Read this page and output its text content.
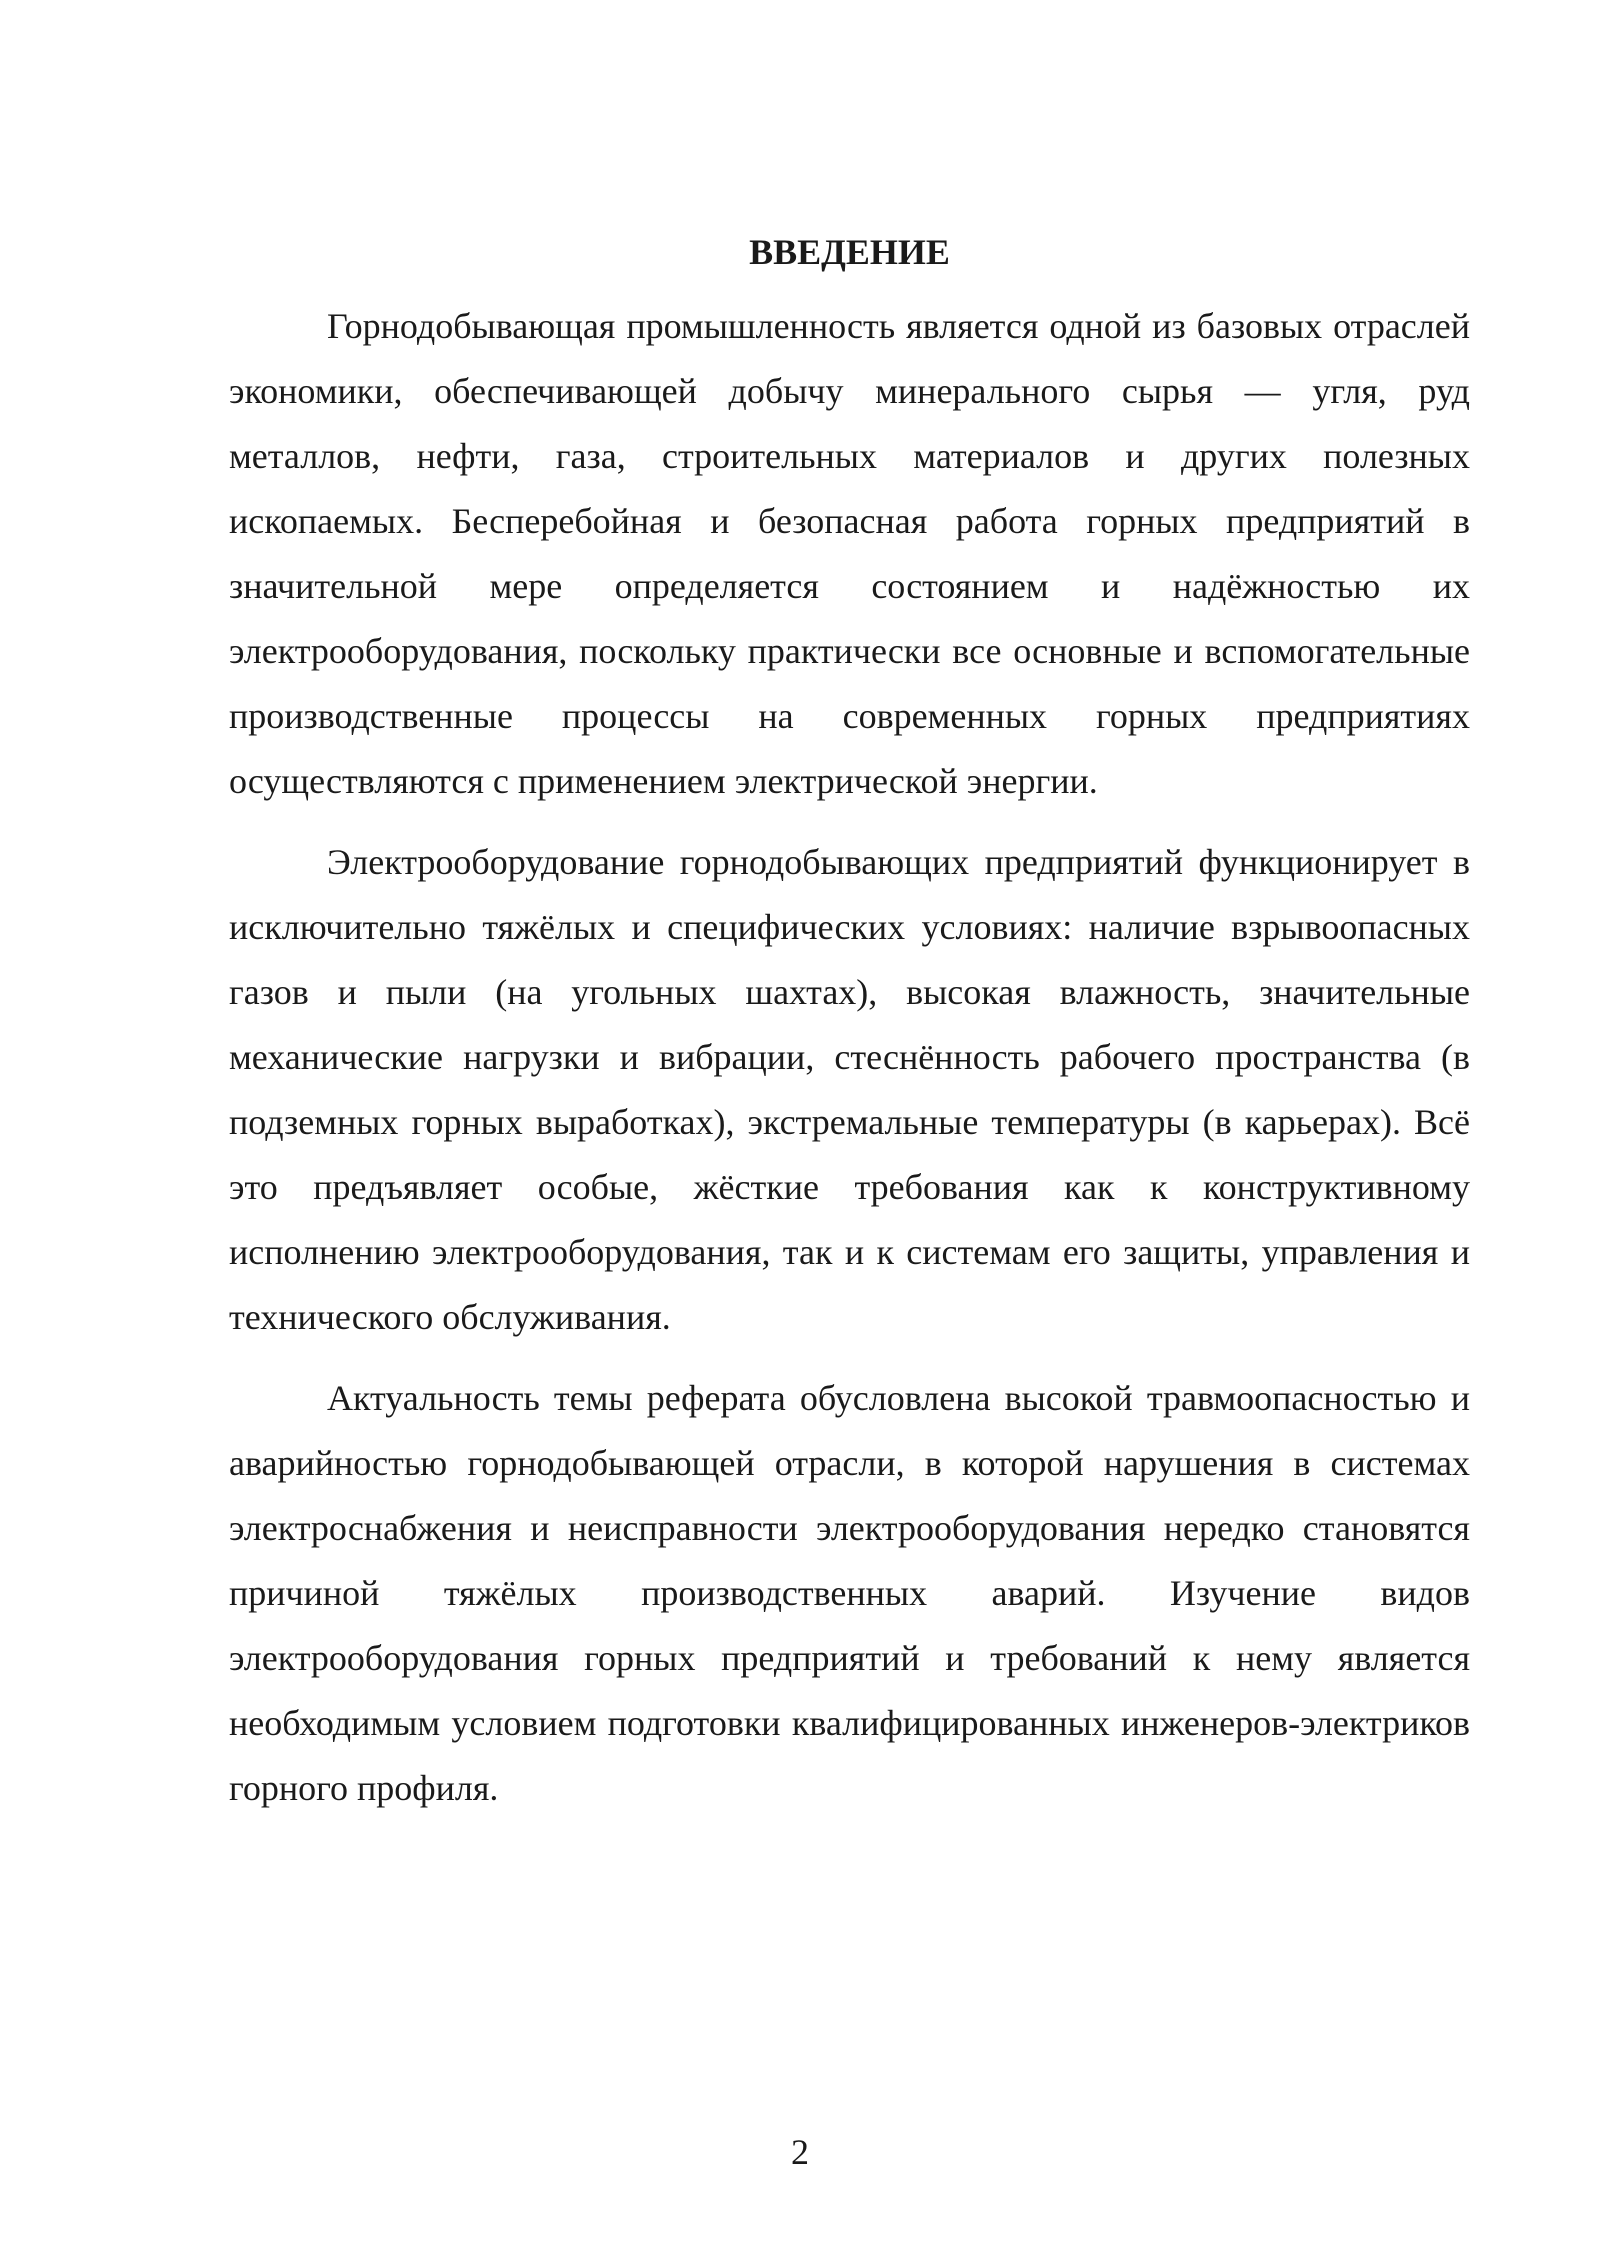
ВВЕДЕНИЕ

Горнодобывающая промышленность является одной из базовых отраслей экономики, обеспечивающей добычу минерального сырья — угля, руд металлов, нефти, газа, строительных материалов и других полезных ископаемых. Бесперебойная и безопасная работа горных предприятий в значительной мере определяется состоянием и надёжностью их электрооборудования, поскольку практически все основные и вспомогательные производственные процессы на современных горных предприятиях осуществляются с применением электрической энергии.

Электрооборудование горнодобывающих предприятий функционирует в исключительно тяжёлых и специфических условиях: наличие взрывоопасных газов и пыли (на угольных шахтах), высокая влажность, значительные механические нагрузки и вибрации, стеснённость рабочего пространства (в подземных горных выработках), экстремальные температуры (в карьерах). Всё это предъявляет особые, жёсткие требования как к конструктивному исполнению электрооборудования, так и к системам его защиты, управления и технического обслуживания.

Актуальность темы реферата обусловлена высокой травмоопасностью и аварийностью горнодобывающей отрасли, в которой нарушения в системах электроснабжения и неисправности электрооборудования нередко становятся причиной тяжёлых производственных аварий. Изучение видов электрооборудования горных предприятий и требований к нему является необходимым условием подготовки квалифицированных инженеров-электриков горного профиля.

2
